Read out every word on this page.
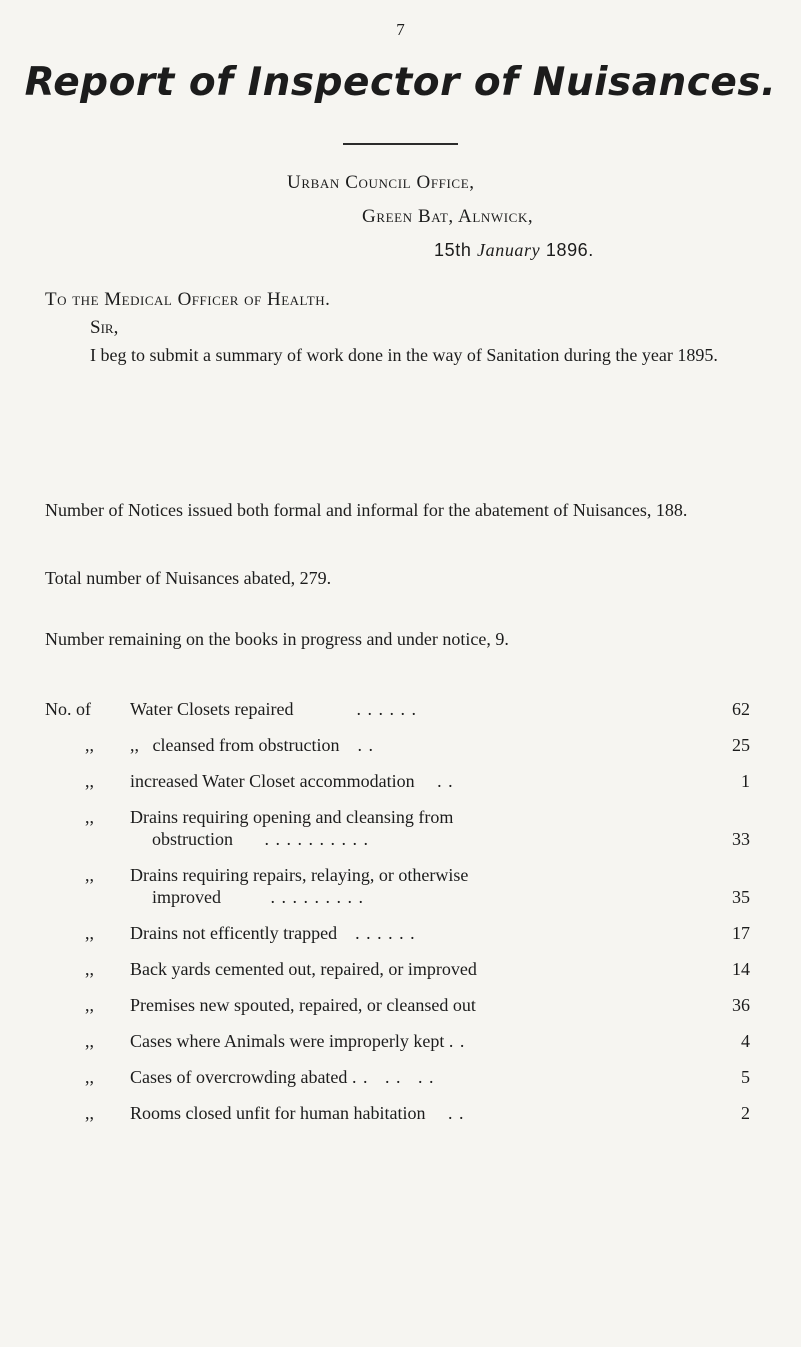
7
Report of Inspector of Nuisances.
Urban Council Office,
Green Bat, Alnwick,
15th January 1896.
To the Medical Officer of Health.
Sir,
I beg to submit a summary of work done in the way of Sanitation during the year 1895.
Number of Notices issued both formal and informal for the abatement of Nuisances, 188.
Total number of Nuisances abated, 279.
Number remaining on the books in progress and under notice, 9.
No. of Water Closets repaired	. . . . . .	62
,, ,,   cleansed from obstruction . .	25
,, increased Water Closet accommodation . .	1
,, Drains requiring opening and cleansing from
obstruction . . . . . . . . . .	33
,, Drains requiring repairs, relaying, or otherwise
improved	. . . . . . . . .	35
,, Drains not efficently trapped . . . . . .	17
,, Back yards cemented out, repaired, or improved	14
,, Premises new spouted, repaired, or cleansed out	36
,, Cases where Animals were improperly kept . .	4
,, Cases of overcrowding abated . .   . .   . .	5
,, Rooms closed unfit for human habitation . .	2
